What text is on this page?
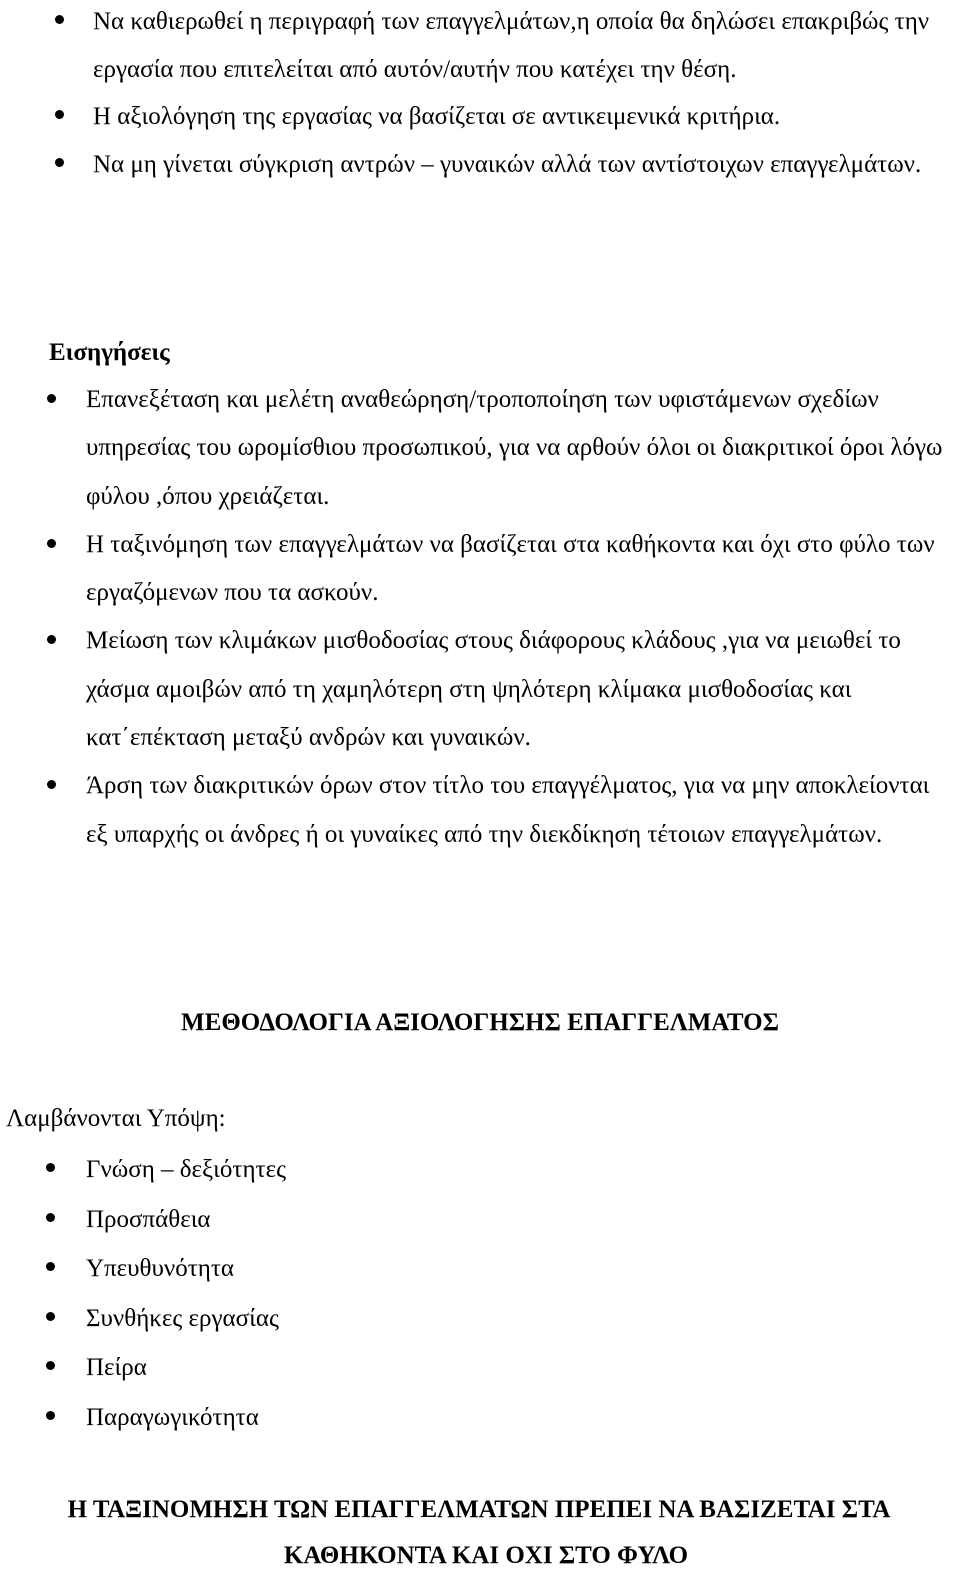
Να καθιερωθεί η περιγραφή των επαγγελμάτων,η οποία θα δηλώσει επακριβώς την εργασία που επιτελείται από αυτόν/αυτήν που κατέχει την θέση.
Η αξιολόγηση της εργασίας να βασίζεται σε αντικειμενικά κριτήρια.
Να μη γίνεται σύγκριση αντρών – γυναικών αλλά των αντίστοιχων επαγγελμάτων.
Εισηγήσεις
Επανεξέταση και μελέτη αναθεώρηση/τροποποίηση των υφιστάμενων σχεδίων υπηρεσίας του ωρομίσθιου προσωπικού, για να αρθούν όλοι οι διακριτικοί όροι λόγω φύλου ,όπου χρειάζεται.
Η ταξινόμηση των επαγγελμάτων να βασίζεται στα καθήκοντα και όχι στο φύλο των εργαζόμενων που τα ασκούν.
Μείωση των κλιμάκων μισθοδοσίας στους διάφορους κλάδους ,για να μειωθεί το χάσμα αμοιβών από τη χαμηλότερη στη ψηλότερη κλίμακα μισθοδοσίας και κατ΄επέκταση μεταξύ ανδρών και γυναικών.
Άρση των διακριτικών όρων στον τίτλο του επαγγέλματος, για να μην αποκλείονται εξ υπαρχής οι άνδρες ή οι γυναίκες από την διεκδίκηση τέτοιων επαγγελμάτων.
ΜΕΘΟΔΟΛΟΓΙΑ ΑΞΙΟΛΟΓΗΣΗΣ ΕΠΑΓΓΕΛΜΑΤΟΣ

Λαμβάνονται Υπόψη:

Γνώση – δεξιότητες
Προσπάθεια
Υπευθυνότητα
Συνθήκες εργασίας
Πείρα
Παραγωγικότητα
Η ΤΑΞΙΝΟΜΗΣΗ ΤΩΝ ΕΠΑΓΓΕΛΜΑΤΩΝ ΠΡΕΠΕΙ ΝΑ ΒΑΣΙΖΕΤΑΙ ΣΤΑ
ΚΑΘΗΚΟΝΤΑ ΚΑΙ ΟΧΙ ΣΤΟ ΦΥΛΟ
